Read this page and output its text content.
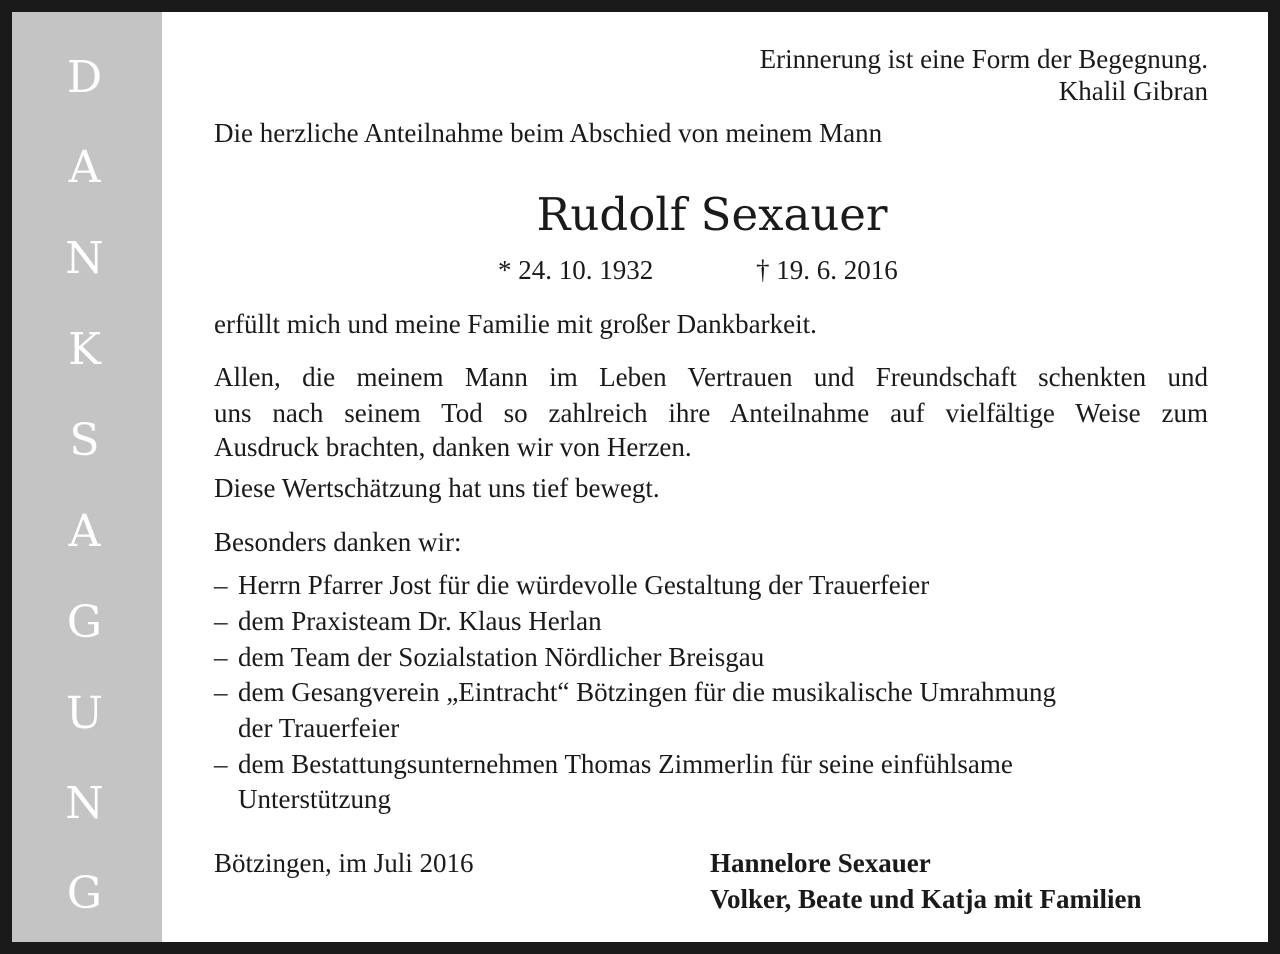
D
A
N
K
S
A
G
U
N
G
Erinnerung ist eine Form der Begegnung.
Khalil Gibran
Die herzliche Anteilnahme beim Abschied von meinem Mann
Rudolf Sexauer
* 24. 10. 1932	† 19. 6. 2016
erfüllt mich und meine Familie mit großer Dankbarkeit.
Allen, die meinem Mann im Leben Vertrauen und Freundschaft schenkten und
uns nach seinem Tod so zahlreich ihre Anteilnahme auf vielfältige Weise zum
Ausdruck brachten, danken wir von Herzen.
Diese Wertschätzung hat uns tief bewegt.
Besonders danken wir:
– Herrn Pfarrer Jost für die würdevolle Gestaltung der Trauerfeier
– dem Praxisteam Dr. Klaus Herlan
– dem Team der Sozialstation Nördlicher Breisgau
– dem Gesangverein „Eintracht“ Bötzingen für die musikalische Umrahmung
der Trauerfeier
– dem Bestattungsunternehmen Thomas Zimmerlin für seine einfühlsame
Unterstützung
Bötzingen, im Juli 2016	Hannelore Sexauer
Volker, Beate und Katja mit Familien
